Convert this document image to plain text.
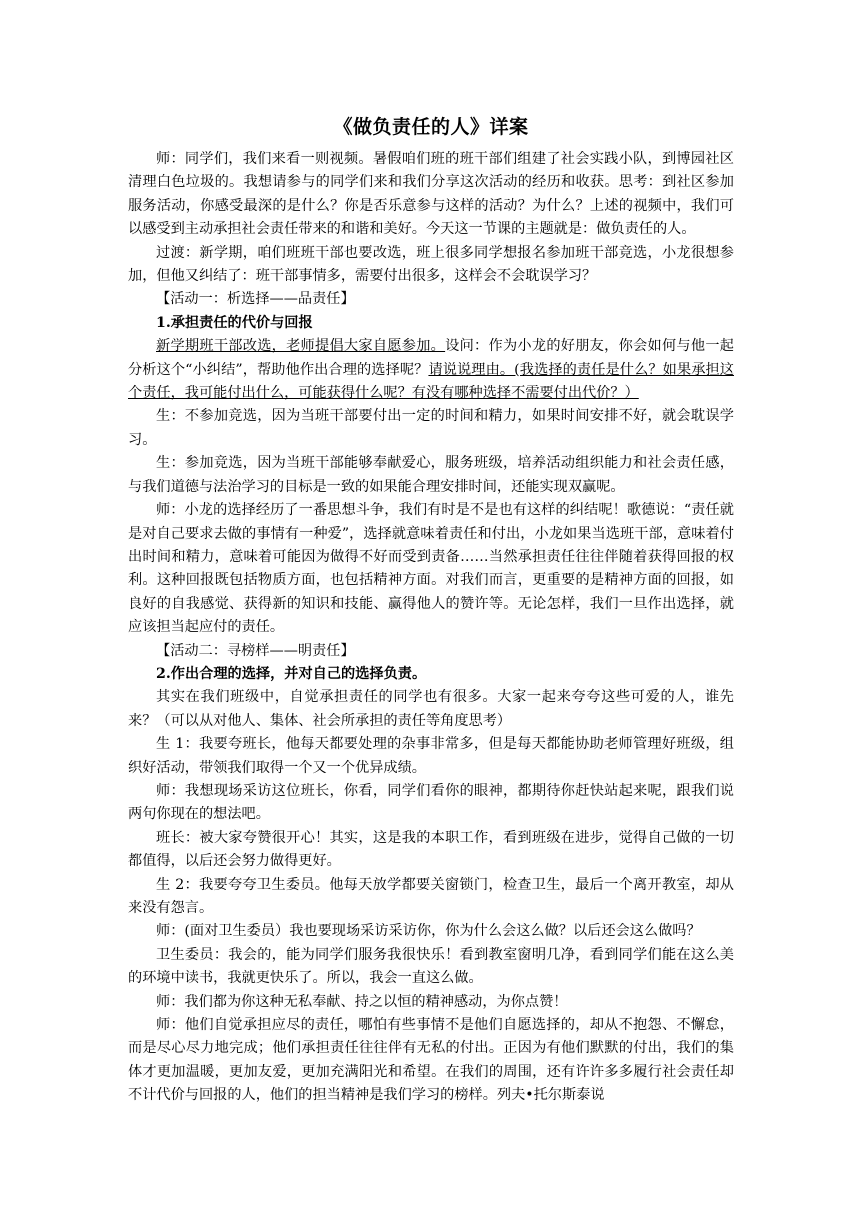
《做负责任的人》详案

师：同学们，我们来看一则视频。暑假咱们班的班干部们组建了社会实践小队，到博园社区清理白色垃圾的。我想请参与的同学们来和我们分享这次活动的经历和收获。思考：到社区参加服务活动，你感受最深的是什么？你是否乐意参与这样的活动？为什么？上述的视频中，我们可以感受到主动承担社会责任带来的和谐和美好。今天这一节课的主题就是：做负责任的人。

过渡：新学期，咱们班班干部也要改选，班上很多同学想报名参加班干部竞选，小龙很想参加，但他又纠结了：班干部事情多，需要付出很多，这样会不会耽误学习？

【活动一：析选择——品责任】

1.承担责任的代价与回报

新学期班干部改选，老师提倡大家自愿参加。设问：作为小龙的好朋友，你会如何与他一起分析这个“小纠结”，帮助他作出合理的选择呢？请说说理由。(我选择的责任是什么？如果承担这个责任，我可能付出什么，可能获得什么呢？有没有哪种选择不需要付出代价？）

生：不参加竞选，因为当班干部要付出一定的时间和精力，如果时间安排不好，就会耽误学习。

生：参加竞选，因为当班干部能够奉献爱心，服务班级，培养活动组织能力和社会责任感，与我们道德与法治学习的目标是一致的如果能合理安排时间，还能实现双赢呢。

师：小龙的选择经历了一番思想斗争，我们有时是不是也有这样的纠结呢！歌德说：“责任就是对自己要求去做的事情有一种爱”，选择就意味着责任和付出，小龙如果当选班干部，意味着付出时间和精力，意味着可能因为做得不好而受到责备……当然承担责任往往伴随着获得回报的权利。这种回报既包括物质方面，也包括精神方面。对我们而言，更重要的是精神方面的回报，如良好的自我感觉、获得新的知识和技能、赢得他人的赞许等。无论怎样，我们一旦作出选择，就应该担当起应付的责任。

【活动二：寻榜样——明责任】

2.作出合理的选择，并对自己的选择负责。

其实在我们班级中，自觉承担责任的同学也有很多。大家一起来夸夸这些可爱的人，谁先来？（可以从对他人、集体、社会所承担的责任等角度思考）

生 1：我要夸班长，他每天都要处理的杂事非常多，但是每天都能协助老师管理好班级，组织好活动，带领我们取得一个又一个优异成绩。

师：我想现场采访这位班长，你看，同学们看你的眼神，都期待你赶快站起来呢，跟我们说两句你现在的想法吧。

班长：被大家夸赞很开心！其实，这是我的本职工作，看到班级在进步，觉得自己做的一切都值得，以后还会努力做得更好。

生 2：我要夸夸卫生委员。他每天放学都要关窗锁门，检查卫生，最后一个离开教室，却从来没有怨言。

师：(面对卫生委员）我也要现场采访采访你，你为什么会这么做？以后还会这么做吗？

卫生委员：我会的，能为同学们服务我很快乐！看到教室窗明几净，看到同学们能在这么美的环境中读书，我就更快乐了。所以，我会一直这么做。

师：我们都为你这种无私奉献、持之以恒的精神感动，为你点赞！

师：他们自觉承担应尽的责任，哪怕有些事情不是他们自愿选择的，却从不抱怨、不懈怠，而是尽心尽力地完成；他们承担责任往往伴有无私的付出。正因为有他们默默的付出，我们的集体才更加温暖，更加友爱，更加充满阳光和希望。在我们的周围，还有许许多多履行社会责任却不计代价与回报的人，他们的担当精神是我们学习的榜样。列夫•托尔斯泰说
